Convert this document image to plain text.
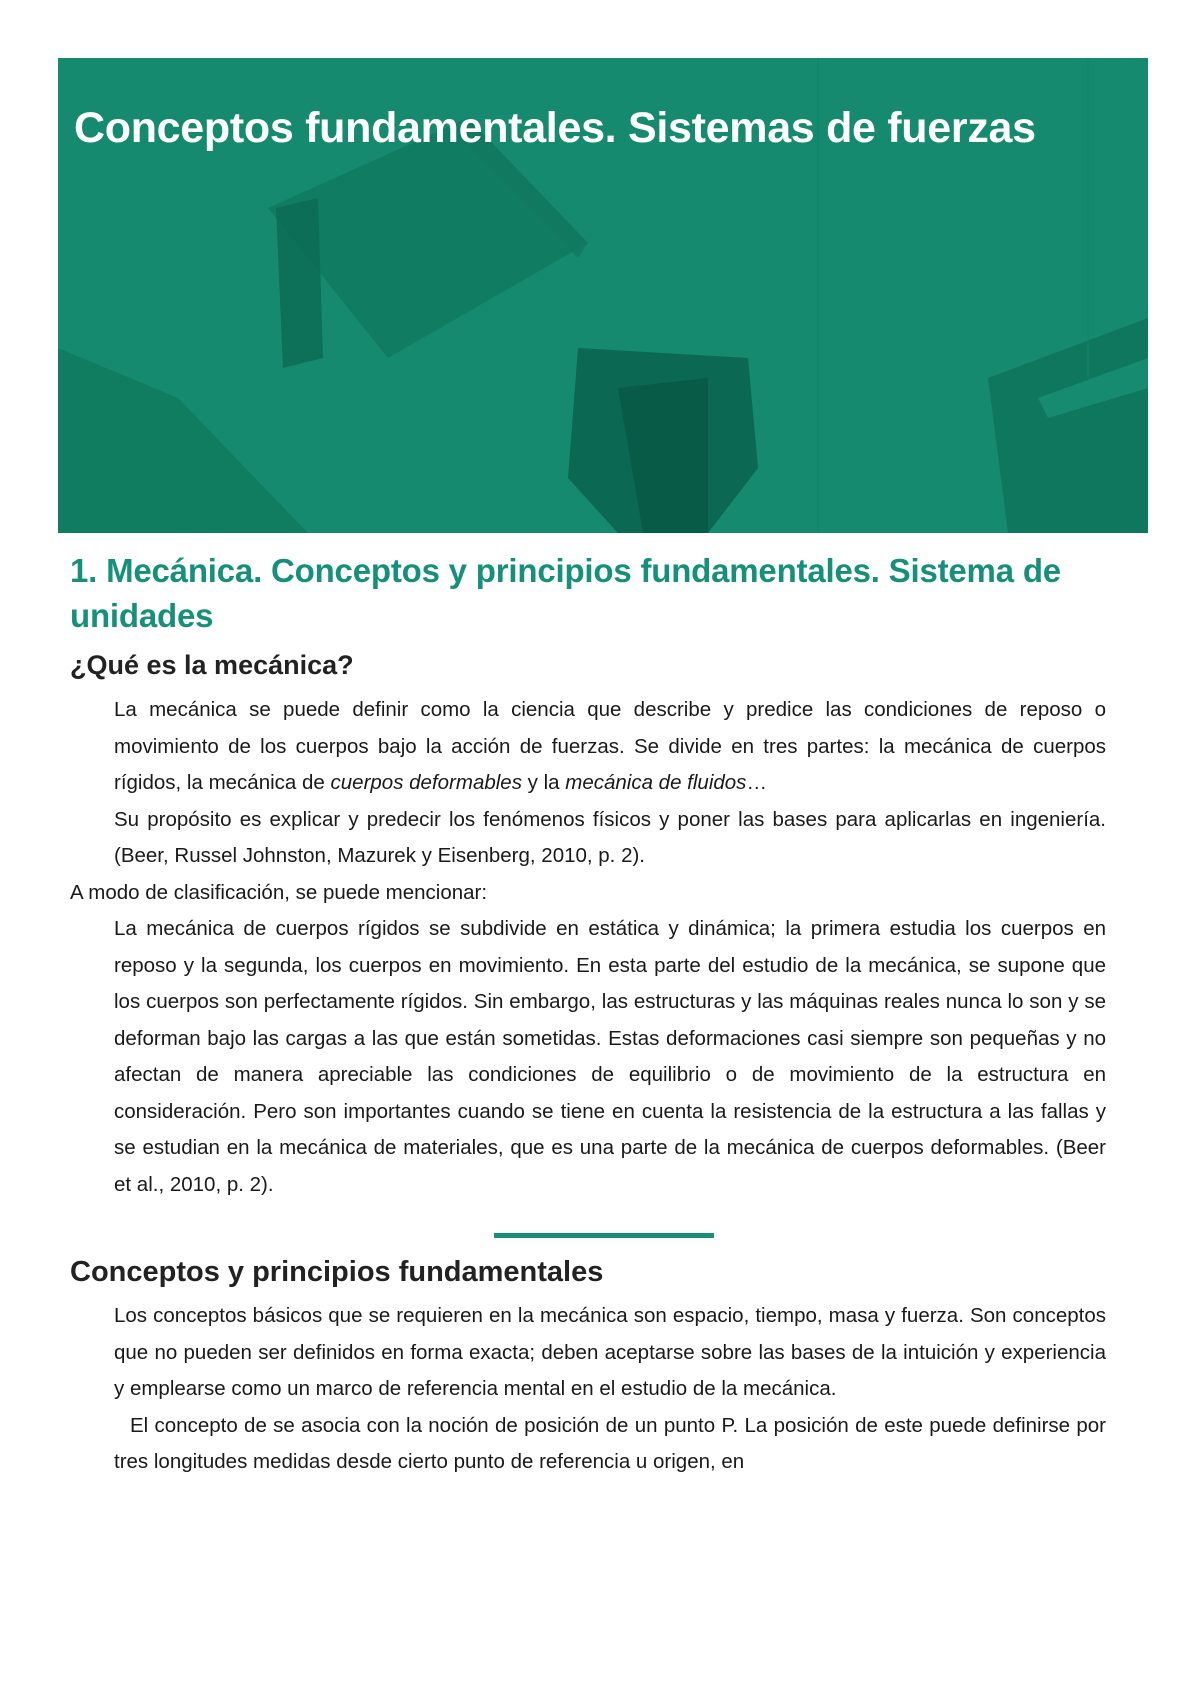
Conceptos fundamentales. Sistemas de fuerzas
1. Mecánica. Conceptos y principios fundamentales. Sistema de unidades
¿Qué es la mecánica?

La mecánica se puede definir como la ciencia que describe y predice las condiciones de reposo o movimiento de los cuerpos bajo la acción de fuerzas. Se divide en tres partes: la mecánica de cuerpos rígidos, la mecánica de cuerpos deformables y la mecánica de fluidos…

Su propósito es explicar y predecir los fenómenos físicos y poner las bases para aplicarlas en ingeniería. (Beer, Russel Johnston, Mazurek y Eisenberg, 2010, p. 2).

A modo de clasificación, se puede mencionar:

La mecánica de cuerpos rígidos se subdivide en estática y dinámica; la primera estudia los cuerpos en reposo y la segunda, los cuerpos en movimiento. En esta parte del estudio de la mecánica, se supone que los cuerpos son perfectamente rígidos. Sin embargo, las estructuras y las máquinas reales nunca lo son y se deforman bajo las cargas a las que están sometidas. Estas deformaciones casi siempre son pequeñas y no afectan de manera apreciable las condiciones de equilibrio o de movimiento de la estructura en consideración. Pero son importantes cuando se tiene en cuenta la resistencia de la estructura a las fallas y se estudian en la mecánica de materiales, que es una parte de la mecánica de cuerpos deformables. (Beer et al., 2010, p. 2).

Conceptos y principios fundamentales

Los conceptos básicos que se requieren en la mecánica son espacio, tiempo, masa y fuerza. Son conceptos que no pueden ser definidos en forma exacta; deben aceptarse sobre las bases de la intuición y experiencia y emplearse como un marco de referencia mental en el estudio de la mecánica.

El concepto de se asocia con la noción de posición de un punto P. La posición de este puede definirse por tres longitudes medidas desde cierto punto de referencia u origen, en
